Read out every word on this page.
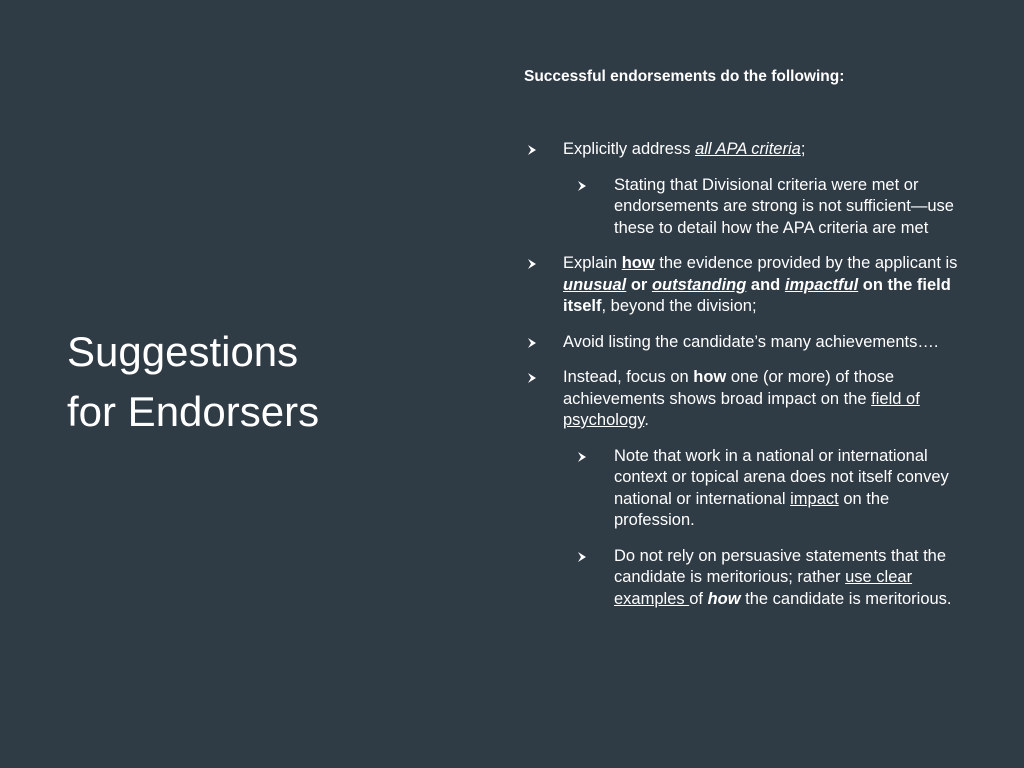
Suggestions
for Endorsers

Successful endorsements do the following:

Explicitly address all APA criteria;
Stating that Divisional criteria were met or endorsements are strong is not sufficient—use these to detail how the APA criteria are met
Explain how the evidence provided by the applicant is unusual or outstanding and impactful on the field itself, beyond the division;
Avoid listing the candidate’s many achievements….
Instead, focus on how one (or more) of those achievements shows broad impact on the field of psychology.
Note that work in a national or international context or topical arena does not itself convey national or international impact on the profession.
Do not rely on persuasive statements that the candidate is meritorious; rather use clear examples of how the candidate is meritorious.
